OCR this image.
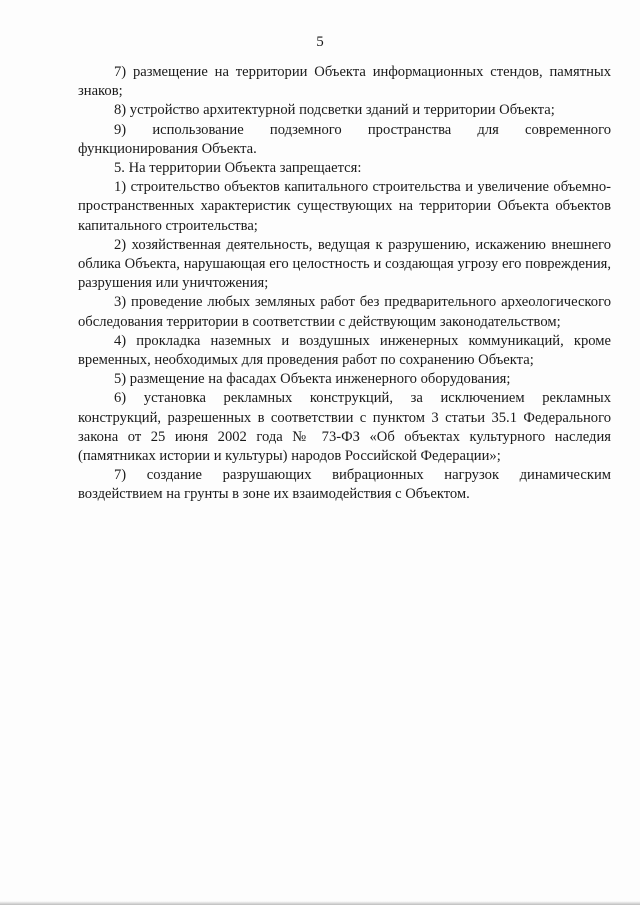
5

7) размещение на территории Объекта информационных стендов, памятных знаков;

8) устройство архитектурной подсветки зданий и территории Объекта;

9) использование подземного пространства для современного функционирования Объекта.

5. На территории Объекта запрещается:

1) строительство объектов капитального строительства и увеличение объемно-пространственных характеристик существующих на территории Объекта объектов капитального строительства;

2) хозяйственная деятельность, ведущая к разрушению, искажению внешнего облика Объекта, нарушающая его целостность и создающая угрозу его повреждения, разрушения или уничтожения;

3) проведение любых земляных работ без предварительного археологического обследования территории в соответствии с действующим законодательством;

4) прокладка наземных и воздушных инженерных коммуникаций, кроме временных, необходимых для проведения работ по сохранению Объекта;

5) размещение на фасадах Объекта инженерного оборудования;

6) установка рекламных конструкций, за исключением рекламных конструкций, разрешенных в соответствии с пунктом 3 статьи 35.1 Федерального закона от 25 июня 2002 года № 73-ФЗ «Об объектах культурного наследия (памятниках истории и культуры) народов Российской Федерации»;

7) создание разрушающих вибрационных нагрузок динамическим воздействием на грунты в зоне их взаимодействия с Объектом.
